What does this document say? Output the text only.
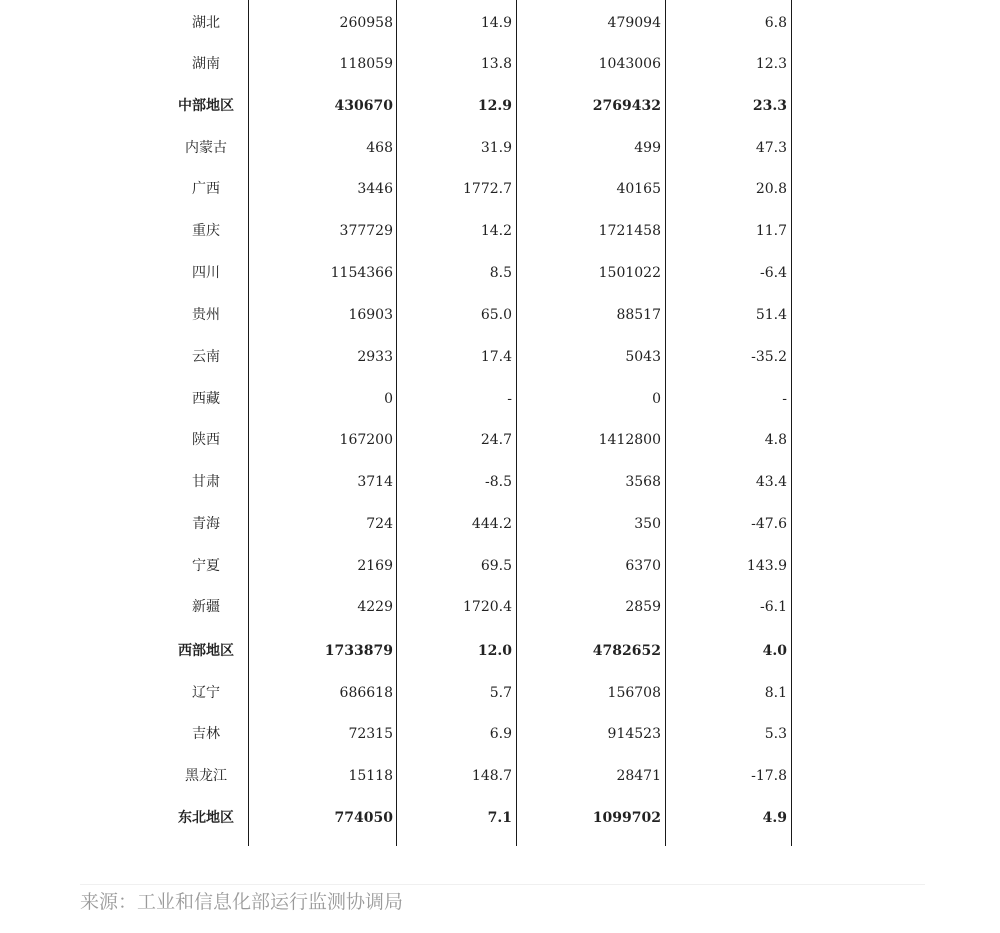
湖北	260958	14.9	479094	6.8
湖南	118059	13.8	1043006	12.3
中部地区	430670	12.9	2769432	23.3
内蒙古	468	31.9	499	47.3
广西	3446	1772.7	40165	20.8
重庆	377729	14.2	1721458	11.7
四川	1154366	8.5	1501022	-6.4
贵州	16903	65.0	88517	51.4
云南	2933	17.4	5043	-35.2
西藏	0	-	0	-
陕西	167200	24.7	1412800	4.8
甘肃	3714	-8.5	3568	43.4
青海	724	444.2	350	-47.6
宁夏	2169	69.5	6370	143.9
新疆	4229	1720.4	2859	-6.1
西部地区	1733879	12.0	4782652	4.0
辽宁	686618	5.7	156708	8.1
吉林	72315	6.9	914523	5.3
黑龙江	15118	148.7	28471	-17.8
东北地区	774050	7.1	1099702	4.9
来源：工业和信息化部运行监测协调局
